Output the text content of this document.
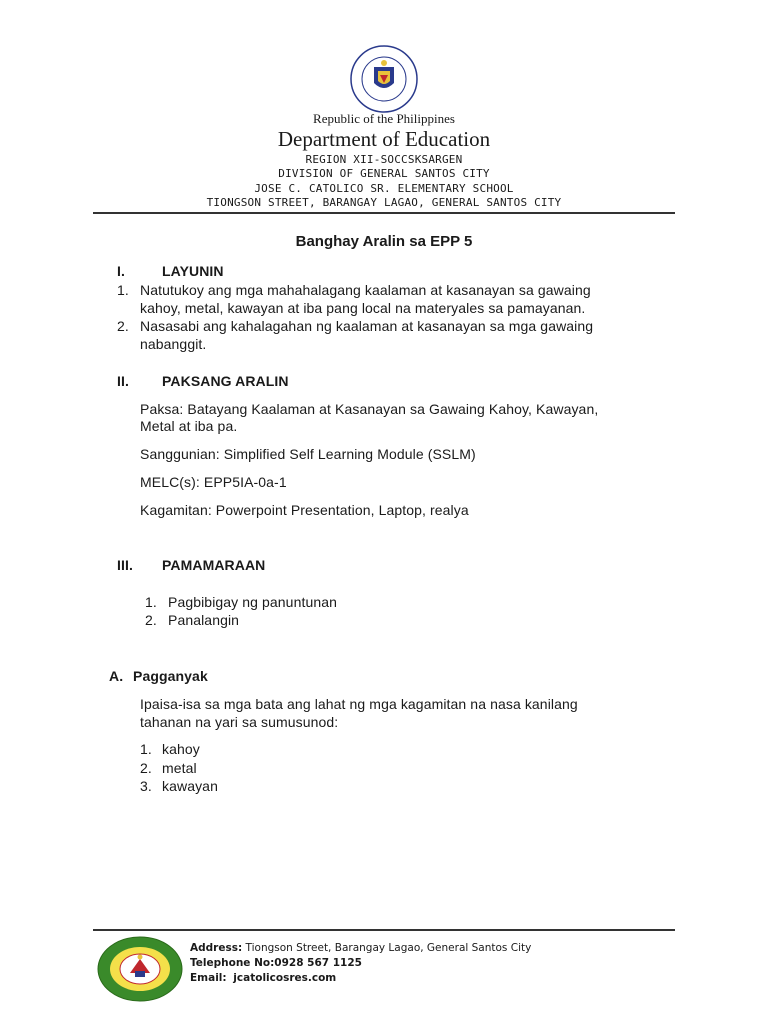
Republic of the Philippines
Department of Education
REGION XII-SOCCSKSARGEN
DIVISION OF GENERAL SANTOS CITY
JOSE C. CATOLICO SR. ELEMENTARY SCHOOL
TIONGSON STREET, BARANGAY LAGAO, GENERAL SANTOS CITY
Banghay Aralin sa EPP 5
I.	LAYUNIN
1. Natutukoy ang mga mahahalagang kaalaman at kasanayan sa gawaing
kahoy, metal, kawayan at iba pang local na materyales sa pamayanan.
2. Nasasabi ang kahalagahan ng kaalaman at kasanayan sa mga gawaing
nabanggit.
II. PAKSANG ARALIN
Paksa: Batayang Kaalaman at Kasanayan sa Gawaing Kahoy, Kawayan,
Metal at iba pa.
Sanggunian: Simplified Self Learning Module (SSLM)
MELC(s): EPP5IA-0a-1
Kagamitan: Powerpoint Presentation, Laptop, realya
III. PAMAMARAAN
1. Pagbibigay ng panuntunan
2. Panalangin
A. Pagganyak
Ipaisa-isa sa mga bata ang lahat ng mga kagamitan na nasa kanilang
tahanan na yari sa sumusunod:
1. kahoy
2. metal
3. kawayan
Address: Tiongson Street, Barangay Lagao, General Santos City
Telephone No:0928 567 1125
Email: jcatolicosres.com
